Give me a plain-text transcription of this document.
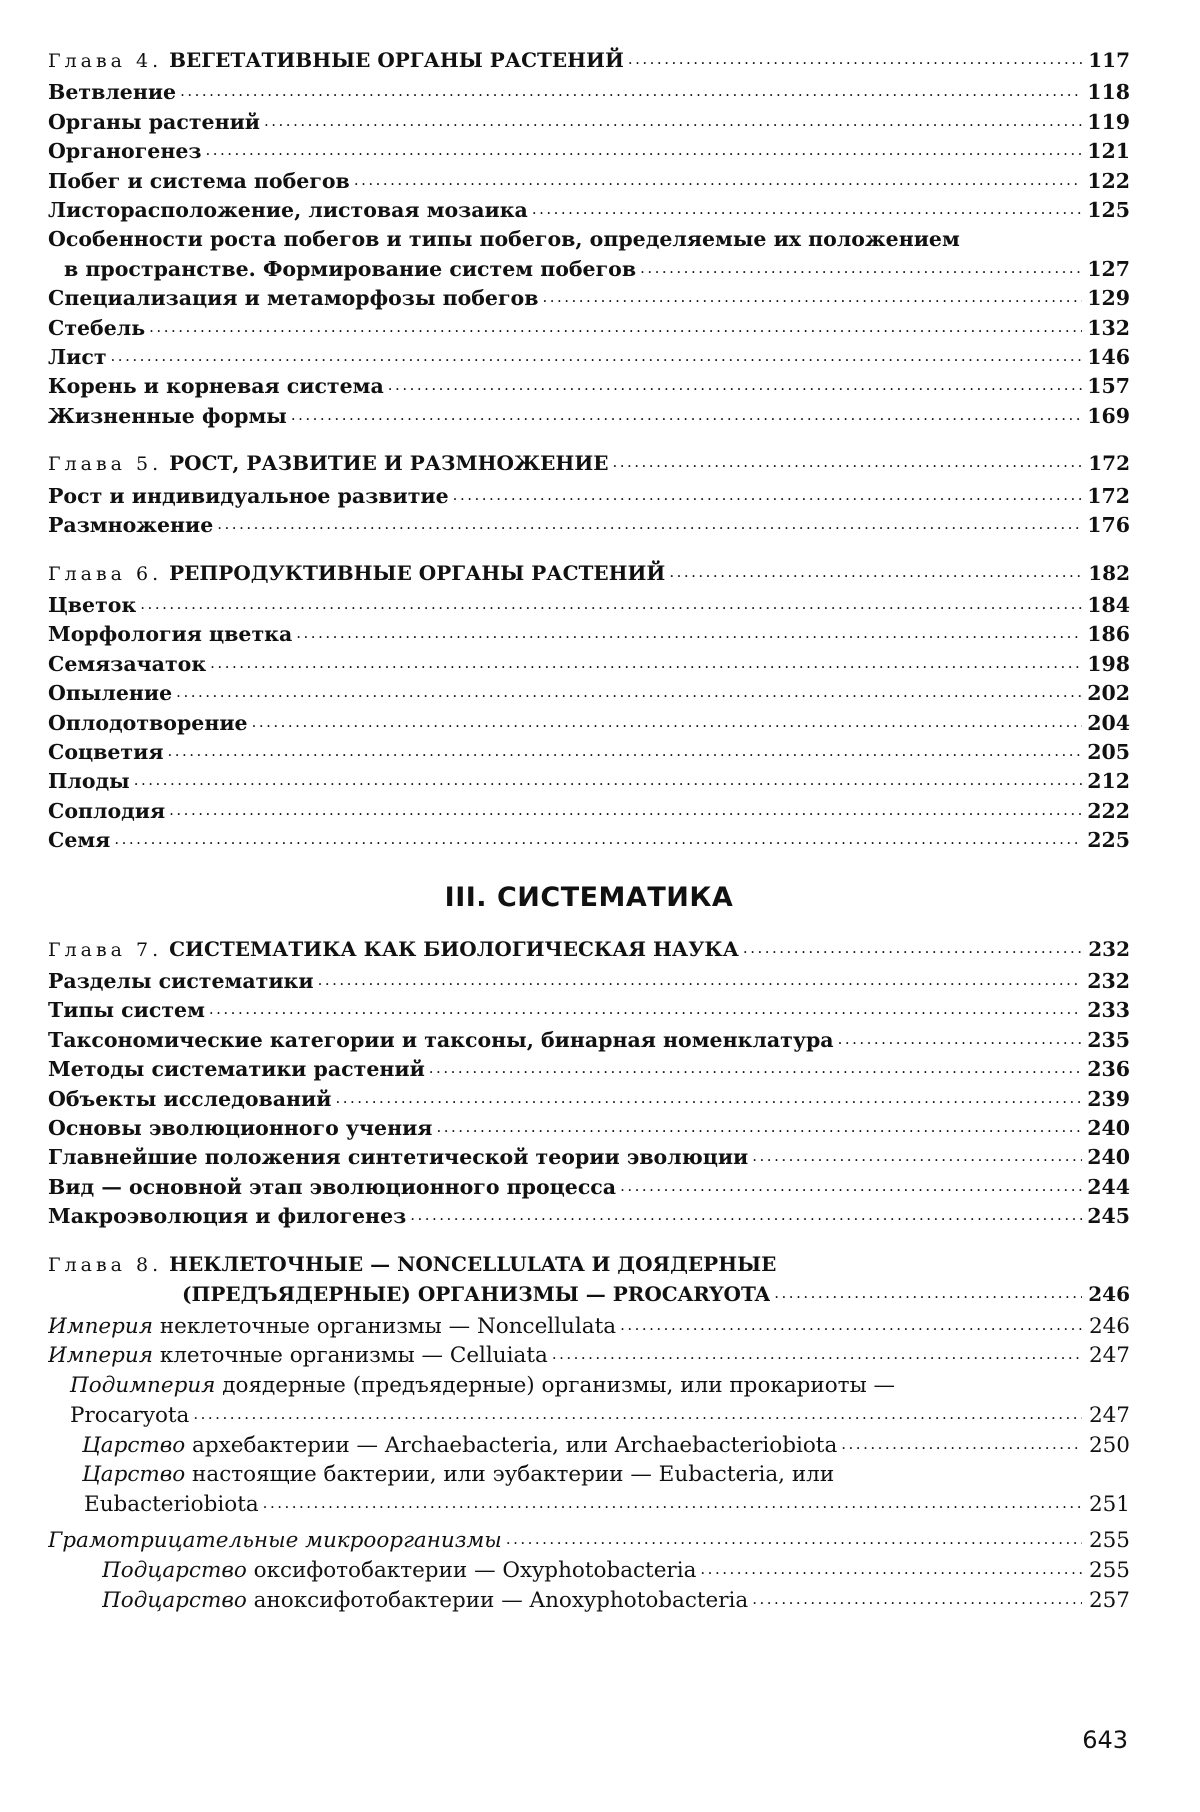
Глава 4. ВЕГЕТАТИВНЫЕ ОРГАНЫ РАСТЕНИЙ .....	117
Ветвление .....	118
Органы растений .....	119
Органогенез .....	121
Побег и система побегов .....	122
Листорасположение, листовая мозаика .....	125
Особенности роста побегов и типы побегов, определяемые их положением
в пространстве. Формирование систем побегов .....	127
Специализация и метаморфозы побегов .....	129
Стебель .....	132
Лист .....	146
Корень и корневая система .....	157
Жизненные формы .....	169
Глава 5. РОСТ, РАЗВИТИЕ И РАЗМНОЖЕНИЕ .....	172
Рост и индивидуальное развитие .....	172
Размножение .....	176
Глава 6. РЕПРОДУКТИВНЫЕ ОРГАНЫ РАСТЕНИЙ .....	182
Цветок .....	184
Морфология цветка .....	186
Семязачаток .....	198
Опыление .....	202
Оплодотворение .....	204
Соцветия .....	205
Плоды .....	212
Соплодия .....	222
Семя .....	225
III. СИСТЕМАТИКА
Глава 7. СИСТЕМАТИКА КАК БИОЛОГИЧЕСКАЯ НАУКА .....	232
Разделы систематики .....	232
Типы систем .....	233
Таксономические категории и таксоны, бинарная номенклатура .....	235
Методы систематики растений .....	236
Объекты исследований .....	239
Основы эволюционного учения .....	240
Главнейшие положения синтетической теории эволюции .....	240
Вид — основной этап эволюционного процесса .....	244
Макроэволюция и филогенез .....	245
Глава 8. НЕКЛЕТОЧНЫЕ — NONCELLULATA И ДОЯДЕРНЫЕ
(ПРЕДЪЯДЕРНЫЕ) ОРГАНИЗМЫ — PROCARYOTA .....	246
Империя неклеточные организмы — Noncellulata .....	246
Империя клеточные организмы — Celluiata .....	247
Подимперия доядерные (предъядерные) организмы, или прокариоты —
Procaryota .....	247
Царство архебактерии — Archaebacteria, или Archaebacteriobiota .....	250
Царство настоящие бактерии, или эубактерии — Eubacteria, или
Eubacteriobiota .....	251
Грамотрицательные микроорганизмы .....	255
Подцарство оксифотобактерии — Oxyphotobacteria .....	255
Подцарство аноксифотобактерии — Anoxyphotobacteria .....	257
643
